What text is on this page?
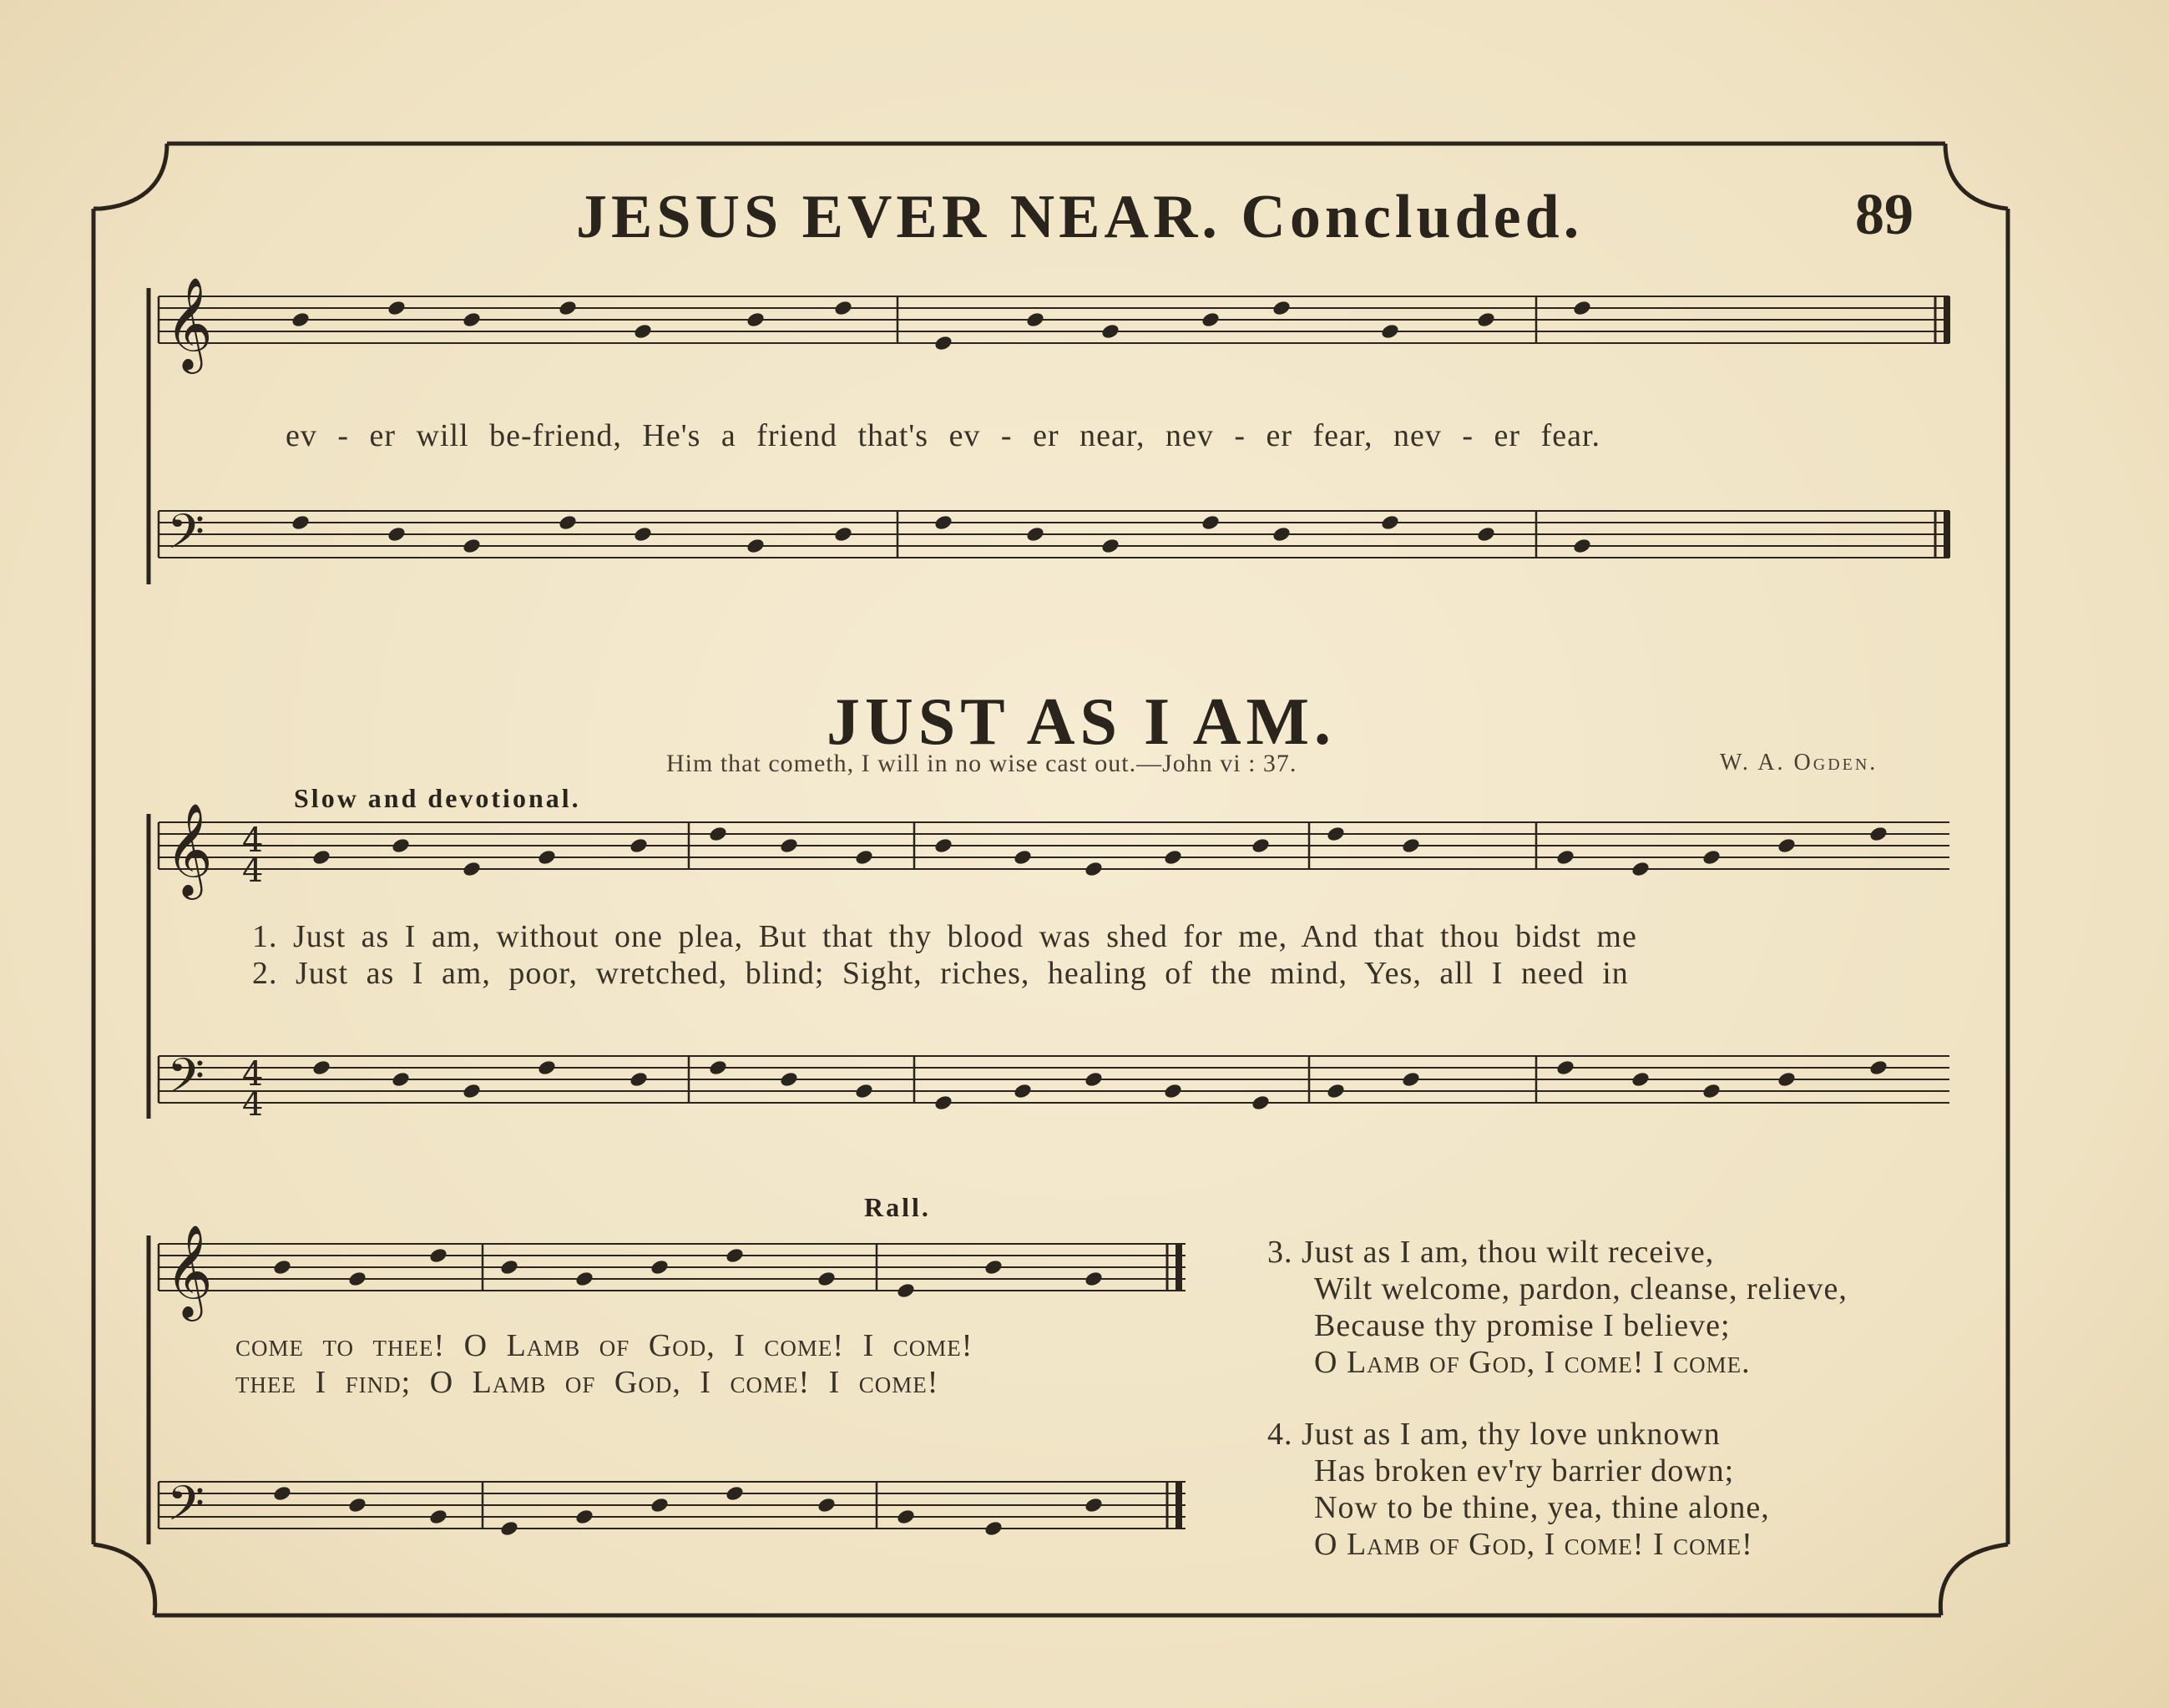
JESUS EVER NEAR. Concluded.	89
𝄞
𝄢
𝄞
𝄢
4
4
4
4
𝄞
𝄢
ev - er will be-friend, He's a friend that's ev - er near, nev - er fear, nev - er fear.
JUST AS I AM.
Him that cometh, I will in no wise cast out.—John vi : 37.	W. A. Ogden.
Slow and devotional.
1. Just as I am, without one plea, But that thy blood was shed for me, And that thou bidst me
2. Just as I am, poor, wretched, blind; Sight, riches, healing of the mind, Yes, all I need in
Rall.
come to thee! O Lamb of God, I come! I come!
thee I find; O Lamb of God, I come! I come!
3. Just as I am, thou wilt receive,
Wilt welcome, pardon, cleanse, relieve,
Because thy promise I believe;
O Lamb of God, I come! I come.
4. Just as I am, thy love unknown
Has broken ev'ry barrier down;
Now to be thine, yea, thine alone,
O Lamb of God, I come! I come!
